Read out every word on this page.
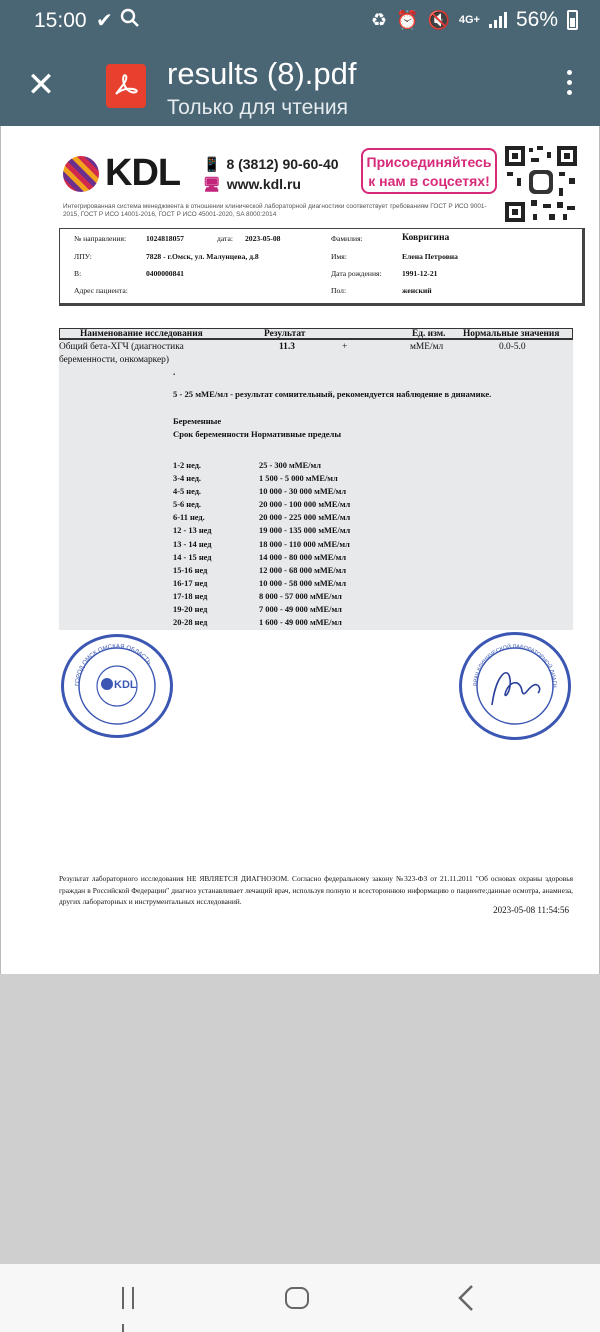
15:00 ✔	♻ ⏰ 🔇 4G+ 56%
✕	results (8).pdf
Только для чтения
KDL 📱 8 (3812) 90-60-40
🖥 www.kdl.ru
Присоединяйтесь
к нам в соцсетях!
Интегрированная система менеджмента в отношении клинической лабораторной диагностики соответствует требованиям ГОСТ Р ИСО 9001-2015, ГОСТ Р ИСО 14001-2016, ГОСТ Р ИСО 45001-2020, SA 8000:2014
№ направления:	1024818057	дата: 2023-05-08	Фамилия:	Ковригина
ЛПУ:	7828 - г.Омск, ул. Малунцева, д.8	Имя:	Елена Петровна
В:	0400000841	Дата рождения:	1991-12-21
Адрес пациента:	Пол:	женский
Наименование исследования	Результат	Ед. изм. Нормальные значения
Общий бета-ХГЧ (диагностика
беременности, онкомаркер)
11.3	+	мМЕ/мл	0.0-5.0
.
5 - 25 мМЕ/мл - результат сомнительный, рекомендуется наблюдение в динамике.
Беременные
Срок беременности Нормативные пределы
1-2 нед.	25 - 300 мМЕ/мл
3-4 нед.	1 500 - 5 000 мМЕ/мл
4-5 нед.	10 000 - 30 000 мМЕ/мл
5-6 нед.	20 000 - 100 000 мМЕ/мл
6-11 нед.	20 000 - 225 000 мМЕ/мл
12 - 13 нед	19 000 - 135 000 мМЕ/мл
13 - 14 нед	18 000 - 110 000 мМЕ/мл
14 - 15 нед	14 000 - 80 000 мМЕ/мл
15-16 нед	12 000 - 68 000 мМЕ/мл
16-17 нед	10 000 - 58 000 мМЕ/мл
17-18 нед	8 000 - 57 000 мМЕ/мл
19-20 нед	7 000 - 49 000 мМЕ/мл
20-28 нед	1 600 - 49 000 мМЕ/мл
KDL
ГОРОД ОМСК ОМСКАЯ ОБЛАСТЬ
ВРАЧ КЛИНИЧЕСКОЙ ЛАБОРАТОРНОЙ ДИАГН
Результат лабораторного исследования НЕ ЯВЛЯЕТСЯ ДИАГНОЗОМ. Согласно федеральному закону №323-ФЗ от 21.11.2011 "Об основах охраны здоровья граждан в Российской Федерации" диагноз устанавливает лечащий врач, используя полную и всестороннюю информацию о пациенте:данные осмотра, анамнеза, других лабораторных и инструментальных исследований.
2023-05-08 11:54:56
